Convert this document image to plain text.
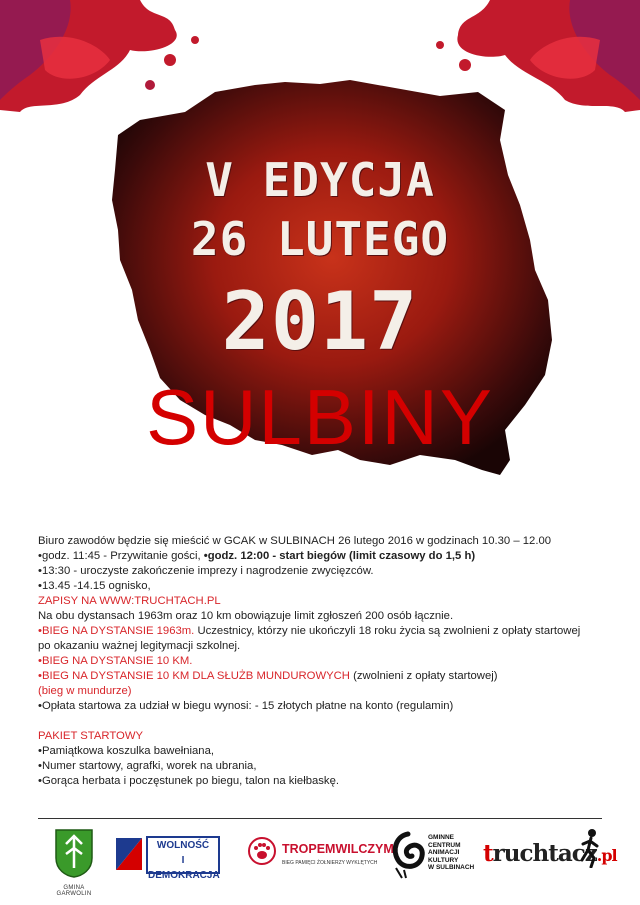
V EDYCJA
26 LUTEGO
2017
SULBINY

Biuro zawodów będzie się mieścić w GCAK w SULBINACH 26 lutego 2016 w godzinach 10.30 – 12.00

•godz. 11:45 - Przywitanie gości, •godz. 12:00 - start biegów (limit czasowy do 1,5 h)

•13:30 - uroczyste zakończenie imprezy i nagrodzenie zwycięzców.

•13.45 -14.15 ognisko,

ZAPISY NA WWW:TRUCHTACH.PL

Na obu dystansach 1963m oraz 10 km obowiązuje limit zgłoszeń 200 osób łącznie.

•BIEG NA DYSTANSIE 1963m. Uczestnicy, którzy nie ukończyli 18 roku życia są zwolnieni z opłaty startowej

po okazaniu ważnej legitymacji szkolnej.

•BIEG NA DYSTANSIE 10 KM.

•BIEG NA DYSTANSIE 10 KM DLA SŁUŻB MUNDUROWYCH (zwolnieni z opłaty startowej)

(bieg w mundurze)

•Opłata startowa za udział w biegu wynosi: - 15 złotych płatne na konto (regulamin)

PAKIET STARTOWY

•Pamiątkowa koszulka bawełniana,

•Numer startowy, agrafki, worek na ubrania,

•Gorąca herbata i poczęstunek po biegu, talon na kiełbaskę.

GMINA GARWOLIN
WOLNOŚĆ
I DEMOKRACJA
TROPEMWILCZYM
BIEG PAMIĘCI ŻOŁNIERZY WYKLĘTYCH
GMINNE
CENTRUM
ANIMACJI
KULTURY
W SULBINACH
truchtacz.pl
